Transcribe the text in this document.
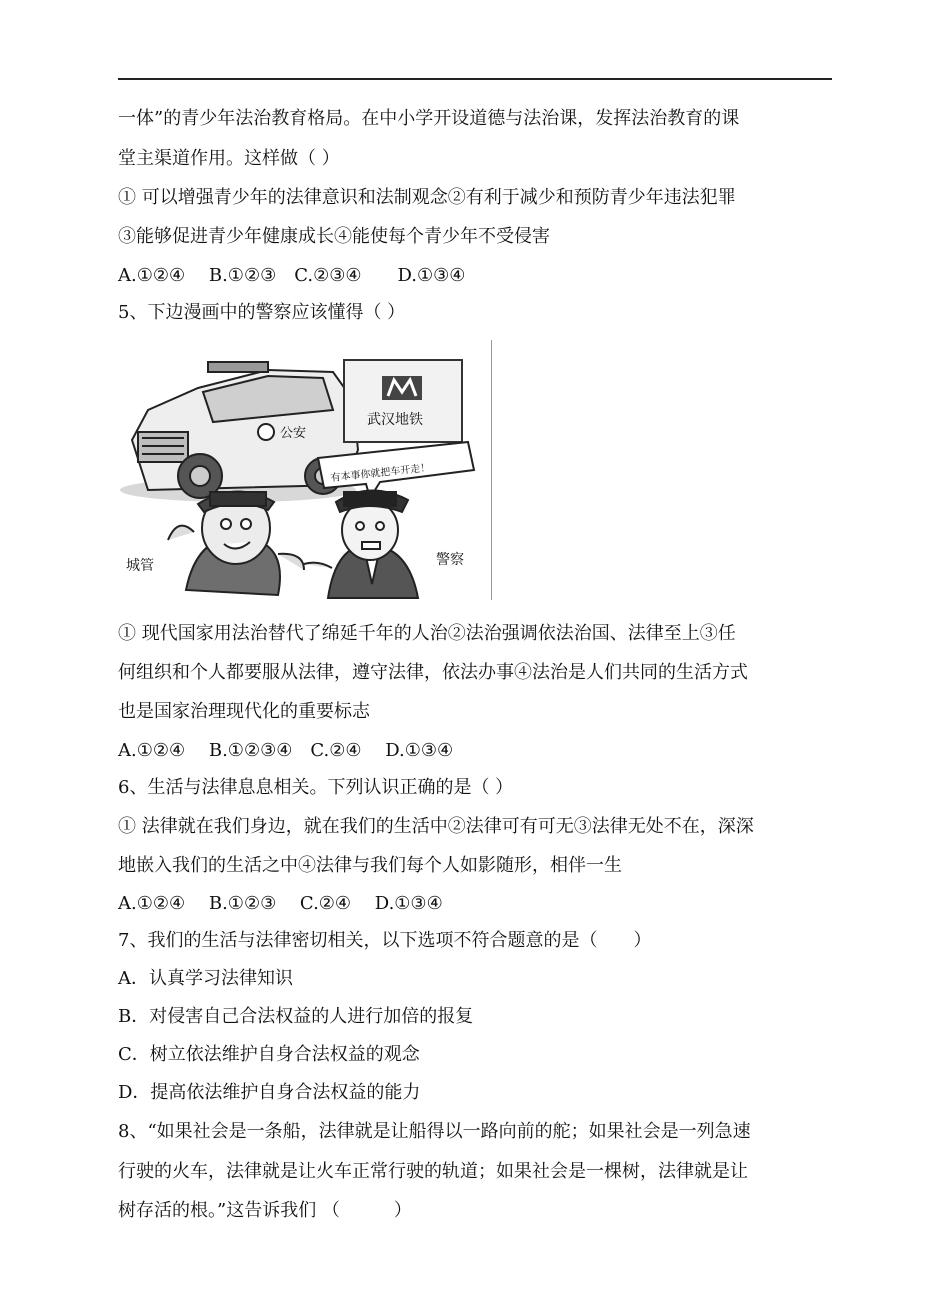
一体”的青少年法治教育格局。在中小学开设道德与法治课，发挥法治教育的课
堂主渠道作用。这样做（ ）
① 可以增强青少年的法律意识和法制观念②有利于减少和预防青少年违法犯罪
③能够促进青少年健康成长④能使每个青少年不受侵害
A.①②④　 B.①②③　C.②③④　　D.①③④
5、下边漫画中的警察应该懂得（ ）
① 现代国家用法治替代了绵延千年的人治②法治强调依法治国、法律至上③任
何组织和个人都要服从法律，遵守法律，依法办事④法治是人们共同的生活方式
也是国家治理现代化的重要标志
A.①②④　 B.①②③④　C.②④　 D.①③④
6、生活与法律息息相关。下列认识正确的是（ ）
① 法律就在我们身边，就在我们的生活中②法律可有可无③法律无处不在，深深
地嵌入我们的生活之中④法律与我们每个人如影随形，相伴一生
A.①②④　 B.①②③　 C.②④　 D.①③④
7、我们的生活与法律密切相关，以下选项不符合题意的是（　　）
A．认真学习法律知识
B．对侵害自己合法权益的人进行加倍的报复
C．树立依法维护自身合法权益的观念
D．提高依法维护自身合法权益的能力
8、“如果社会是一条船，法律就是让船得以一路向前的舵；如果社会是一列急速
行驶的火车，法律就是让火车正常行驶的轨道；如果社会是一棵树，法律就是让
树存活的根。”这告诉我们 （　　　）
公安
武汉地铁
有本事你就把车开走！
城管	警察
